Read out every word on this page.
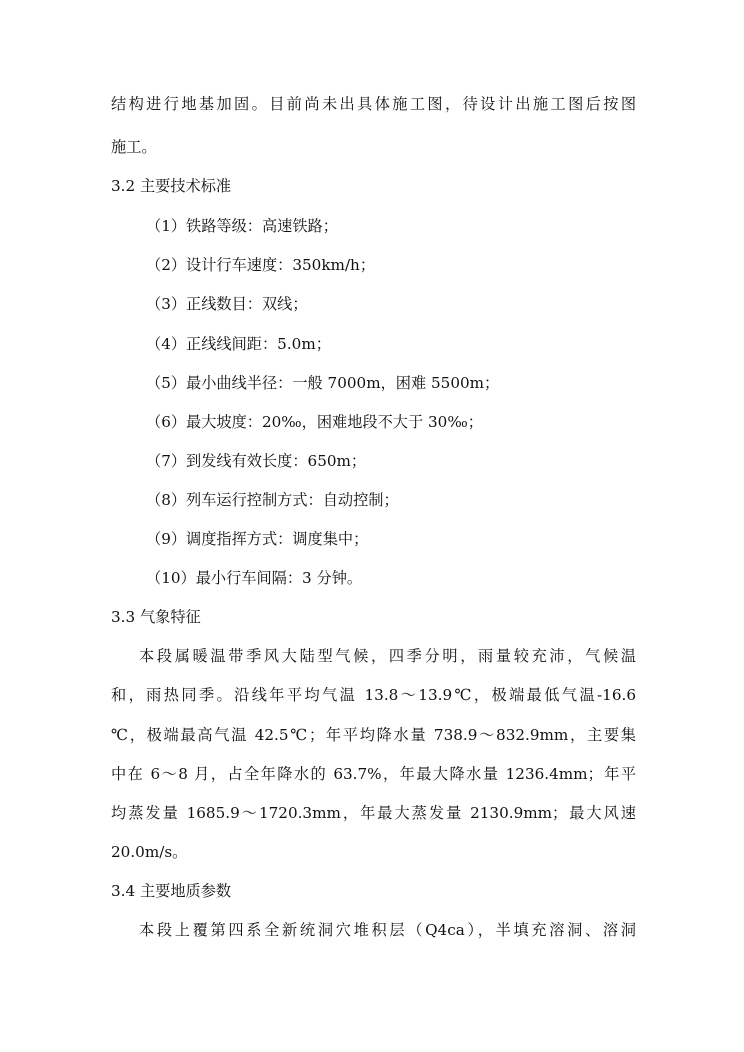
结构进行地基加固。目前尚未出具体施工图，待设计出施工图后按图
施工。
3.2 主要技术标准
（1）铁路等级：高速铁路；
（2）设计行车速度：350km/h；
（3）正线数目：双线；
（4）正线线间距：5.0m；
（5）最小曲线半径：一般 7000m，困难 5500m；
（6）最大坡度：20‰，困难地段不大于 30‰；
（7）到发线有效长度：650m；
（8）列车运行控制方式：自动控制；
（9）调度指挥方式：调度集中；
（10）最小行车间隔：3 分钟。
3.3 气象特征
本段属暖温带季风大陆型气候，四季分明，雨量较充沛，气候温
和，雨热同季。沿线年平均气温 13.8～13.9℃，极端最低气温-16.6
℃，极端最高气温 42.5℃；年平均降水量 738.9～832.9mm，主要集
中在 6～8 月，占全年降水的 63.7%，年最大降水量 1236.4mm；年平
均蒸发量 1685.9～1720.3mm，年最大蒸发量 2130.9mm；最大风速
20.0m/s。
3.4 主要地质参数
本段上覆第四系全新统洞穴堆积层（Q4ca），半填充溶洞、溶洞
